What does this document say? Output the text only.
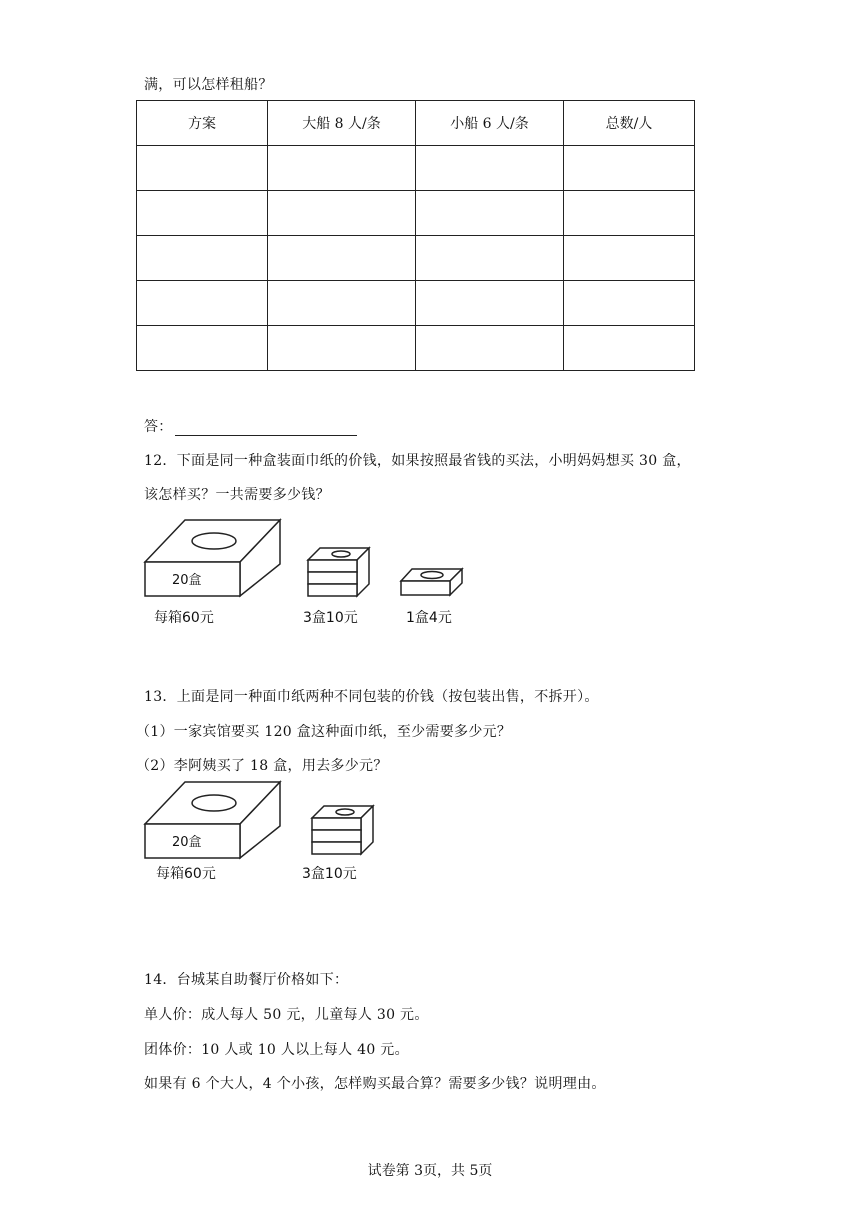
满，可以怎样租船？
方案	大船 8 人/条	小船 6 人/条	总数/人

答：
12．下面是同一种盒装面巾纸的价钱，如果按照最省钱的买法，小明妈妈想买 30 盒，
该怎样买？一共需要多少钱？
20盒
每箱60元	3盒10元	1盒4元
13．上面是同一种面巾纸两种不同包装的价钱（按包装出售，不拆开）。
（1）一家宾馆要买 120 盒这种面巾纸，至少需要多少元？
（2）李阿姨买了 18 盒，用去多少元？
20盒
每箱60元	3盒10元
14．台城某自助餐厅价格如下：
单人价：成人每人 50 元，儿童每人 30 元。
团体价：10 人或 10 人以上每人 40 元。
如果有 6 个大人，4 个小孩，怎样购买最合算？需要多少钱？说明理由。
试卷第 3页，共 5页
